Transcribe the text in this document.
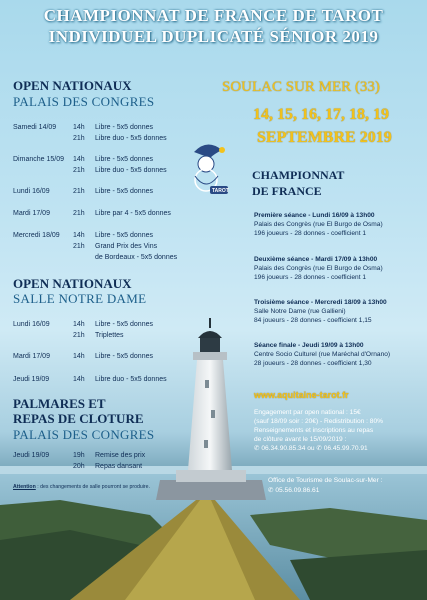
CHAMPIONNAT DE FRANCE DE TAROT
INDIVIDUEL DUPLICATÉ SÉNIOR 2019
TAROT
OPEN NATIONAUX
PALAIS DES CONGRES
Samedi 14/09 14h Libre - 5x5 donnes
21h Libre duo - 5x5 donnes
Dimanche 15/09 14h Libre - 5x5 donnes
21h Libre duo - 5x5 donnes
Lundi 16/09	21h Libre - 5x5 donnes
Mardi 17/09	21h Libre par 4 - 5x5 donnes
Mercredi 18/09 14h Libre - 5x5 donnes
21h Grand Prix des Vins
de Bordeaux - 5x5 donnes
OPEN NATIONAUX
SALLE NOTRE DAME
Lundi 16/09	14h Libre - 5x5 donnes
21h Triplettes
Mardi 17/09	14h Libre - 5x5 donnes
Jeudi 19/09	14h Libre duo - 5x5 donnes
PALMARES ET
REPAS DE CLOTURE
PALAIS DES CONGRES
Jeudi 19/09	19h Remise des prix
20h Repas dansant
Attention : des changements de salle pourront se produire.
SOULAC SUR MER (33)
14, 15, 16, 17, 18, 19
SEPTEMBRE 2019
CHAMPIONNAT
DE FRANCE
Première séance - Lundi 16/09 à 13h00
Palais des Congrès (rue El Burgo de Osma)
196 joueurs - 28 donnes - coefficient 1
Deuxième séance - Mardi 17/09 à 13h00
Palais des Congrès (rue El Burgo de Osma)
196 joueurs - 28 donnes - coefficient 1
Troisième séance - Mercredi 18/09 à 13h00
Salle Notre Dame (rue Gallieni)
84 joueurs - 28 donnes - coefficient 1,15
Séance finale - Jeudi 19/09 à 13h00
Centre Socio Culturel (rue Maréchal d'Ornano)
28 joueurs - 28 donnes - coefficient 1,30
www.aquitaine-tarot.fr
Engagement par open national : 15€
(sauf 18/09 soir : 20€) - Redistribution : 80%
Renseignements et inscriptions au repas
de clôture avant le 15/09/2019 :
✆ 06.34.90.85.34 ou ✆ 06.45.99.70.91
Office de Tourisme de Soulac-sur-Mer :
✆ 05.56.09.86.61
